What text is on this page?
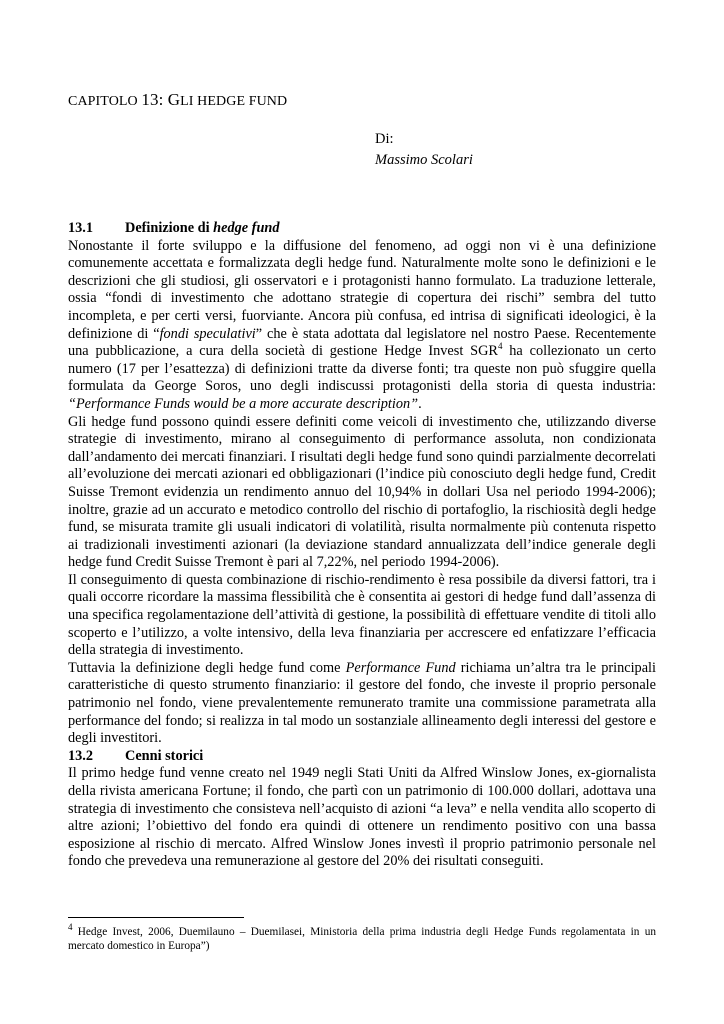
CAPITOLO 13: GLI HEDGE FUND
Di:
Massimo Scolari

13.1 Definizione di hedge fund

Nonostante il forte sviluppo e la diffusione del fenomeno, ad oggi non vi è una definizione comunemente accettata e formalizzata degli hedge fund. Naturalmente molte sono le definizioni e le descrizioni che gli studiosi, gli osservatori e i protagonisti hanno formulato. La traduzione letterale, ossia “fondi di investimento che adottano strategie di copertura dei rischi” sembra del tutto incompleta, e per certi versi, fuorviante. Ancora più confusa, ed intrisa di significati ideologici, è la definizione di “fondi speculativi” che è stata adottata dal legislatore nel nostro Paese. Recentemente una pubblicazione, a cura della società di gestione Hedge Invest SGR$^4$ ha collezionato un certo numero (17 per l’esattezza) di definizioni tratte da diverse fonti; tra queste non può sfuggire quella formulata da George Soros, uno degli indiscussi protagonisti della storia di questa industria: “Performance Funds would be a more accurate description”.

Gli hedge fund possono quindi essere definiti come veicoli di investimento che, utilizzando diverse strategie di investimento, mirano al conseguimento di performance assoluta, non condizionata dall’andamento dei mercati finanziari. I risultati degli hedge fund sono quindi parzialmente decorrelati all’evoluzione dei mercati azionari ed obbligazionari (l’indice più conosciuto degli hedge fund, Credit Suisse Tremont evidenzia un rendimento annuo del 10,94% in dollari Usa nel periodo 1994-2006); inoltre, grazie ad un accurato e metodico controllo del rischio di portafoglio, la rischiosità degli hedge fund, se misurata tramite gli usuali indicatori di volatilità, risulta normalmente più contenuta rispetto ai tradizionali investimenti azionari (la deviazione standard annualizzata dell’indice generale degli hedge fund Credit Suisse Tremont è pari al 7,22%, nel periodo 1994-2006).

Il conseguimento di questa combinazione di rischio-rendimento è resa possibile da diversi fattori, tra i quali occorre ricordare la massima flessibilità che è consentita ai gestori di hedge fund dall’assenza di una specifica regolamentazione dell’attività di gestione, la possibilità di effettuare vendite di titoli allo scoperto e l’utilizzo, a volte intensivo, della leva finanziaria per accrescere ed enfatizzare l’efficacia della strategia di investimento.

Tuttavia la definizione degli hedge fund come Performance Fund richiama un’altra tra le principali caratteristiche di questo strumento finanziario: il gestore del fondo, che investe il proprio personale patrimonio nel fondo, viene prevalentemente remunerato tramite una commissione parametrata alla performance del fondo; si realizza in tal modo un sostanziale allineamento degli interessi del gestore e degli investitori.

13.2 Cenni storici

Il primo hedge fund venne creato nel 1949 negli Stati Uniti da Alfred Winslow Jones, ex-giornalista della rivista americana Fortune; il fondo, che partì con un patrimonio di 100.000 dollari, adottava una strategia di investimento che consisteva nell’acquisto di azioni “a leva” e nella vendita allo scoperto di altre azioni; l’obiettivo del fondo era quindi di ottenere un rendimento positivo con una bassa esposizione al rischio di mercato. Alfred Winslow Jones investì il proprio patrimonio personale nel fondo che prevedeva una remunerazione al gestore del 20% dei risultati conseguiti.

$^4$ Hedge Invest, 2006, Duemilauno – Duemilasei, Ministoria della prima industria degli Hedge Funds regolamentata in un mercato domestico in Europa”)
